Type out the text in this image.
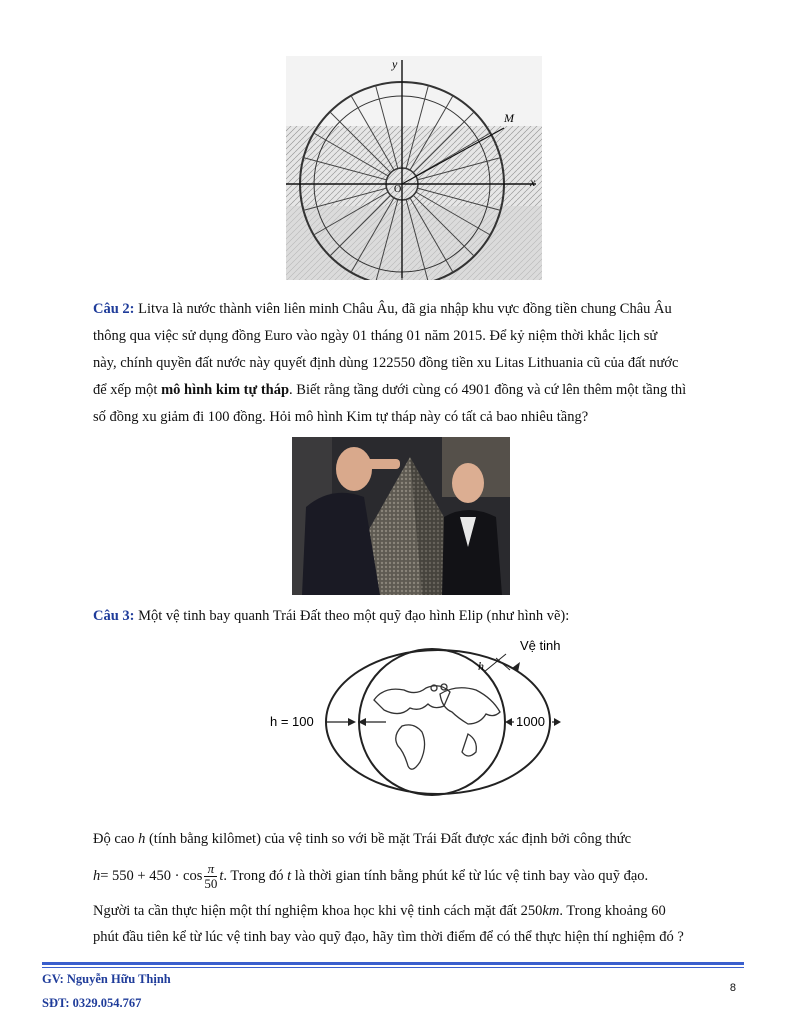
y
x
M
O
Câu 2: Litva là nước thành viên liên minh Châu Âu, đã gia nhập khu vực đồng tiền chung Châu Âu
thông qua việc sử dụng đồng Euro vào ngày 01 tháng 01 năm 2015. Để kỷ niệm thời khắc lịch sử
này, chính quyền đất nước này quyết định dùng 122550 đồng tiền xu Litas Lithuania cũ của đất nước
để xếp một mô hình kim tự tháp. Biết rằng tầng dưới cùng có 4901 đồng và cứ lên thêm một tầng thì
số đồng xu giảm đi 100 đồng. Hỏi mô hình Kim tự tháp này có tất cả bao nhiêu tầng?
Câu 3: Một vệ tinh bay quanh Trái Đất theo một quỹ đạo hình Elip (như hình vẽ):
Vệ tinh
h
h = 100	1000
Độ cao h (tính bằng kilômet) của vệ tinh so với bề mặt Trái Đất được xác định bởi công thức
$h= 550 + 450 \cdot \cos \frac{\pi}{50} t$. Trong đó t là thời gian tính bằng phút kể từ lúc vệ tinh bay vào quỹ đạo.
Người ta cần thực hiện một thí nghiệm khoa học khi vệ tinh cách mặt đất 250km. Trong khoảng 60
phút đầu tiên kể từ lúc vệ tinh bay vào quỹ đạo, hãy tìm thời điểm để có thể thực hiện thí nghiệm đó ?
GV: Nguyễn Hữu Thịnh
SĐT: 0329.054.767
8
